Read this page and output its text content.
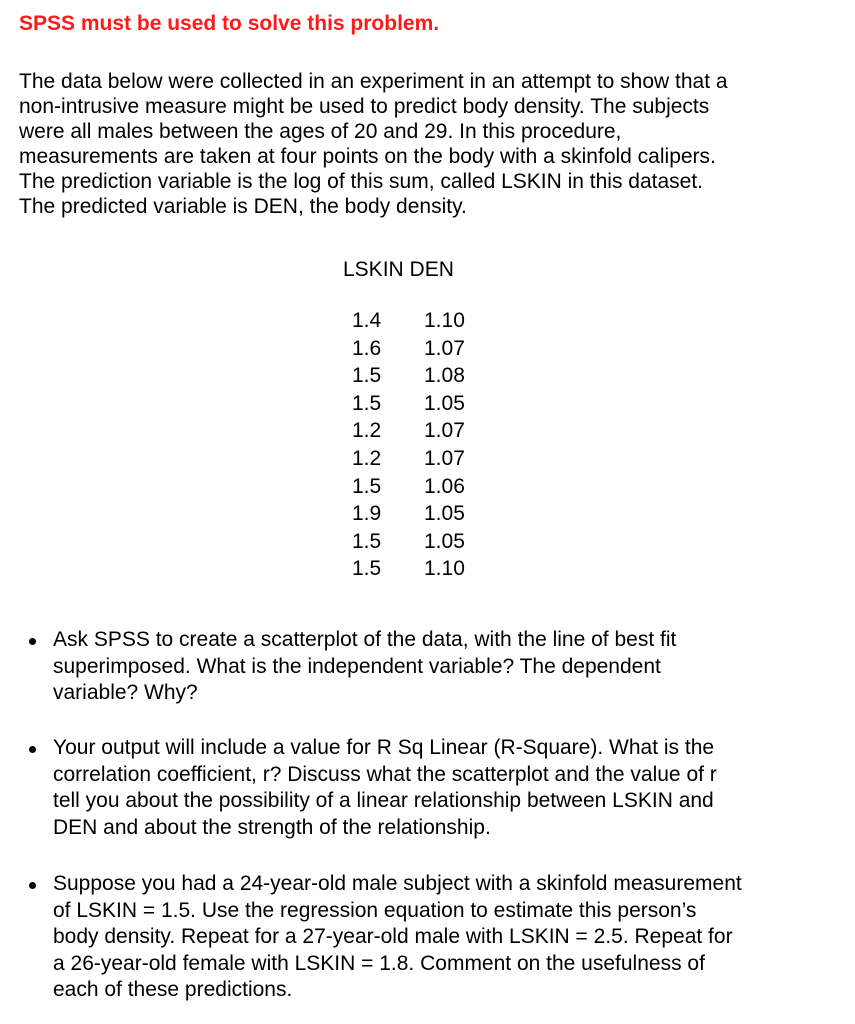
SPSS must be used to solve this problem.
The data below were collected in an experiment in an attempt to show that a
non-intrusive measure might be used to predict body density. The subjects
were all males between the ages of 20 and 29. In this procedure,
measurements are taken at four points on the body with a skinfold calipers.
The prediction variable is the log of this sum, called LSKIN in this dataset.
The predicted variable is DEN, the body density.
LSKIN DEN
1.4	1.10
1.6	1.07
1.5	1.08
1.5	1.05
1.2	1.07
1.2	1.07
1.5	1.06
1.9	1.05
1.5	1.05
1.5	1.10
Ask SPSS to create a scatterplot of the data, with the line of best fit
superimposed. What is the independent variable? The dependent
variable? Why?
Your output will include a value for R Sq Linear (R-Square). What is the
correlation coefficient, r? Discuss what the scatterplot and the value of r
tell you about the possibility of a linear relationship between LSKIN and
DEN and about the strength of the relationship.
Suppose you had a 24-year-old male subject with a skinfold measurement
of LSKIN = 1.5. Use the regression equation to estimate this person’s
body density. Repeat for a 27-year-old male with LSKIN = 2.5. Repeat for
a 26-year-old female with LSKIN = 1.8. Comment on the usefulness of
each of these predictions.
